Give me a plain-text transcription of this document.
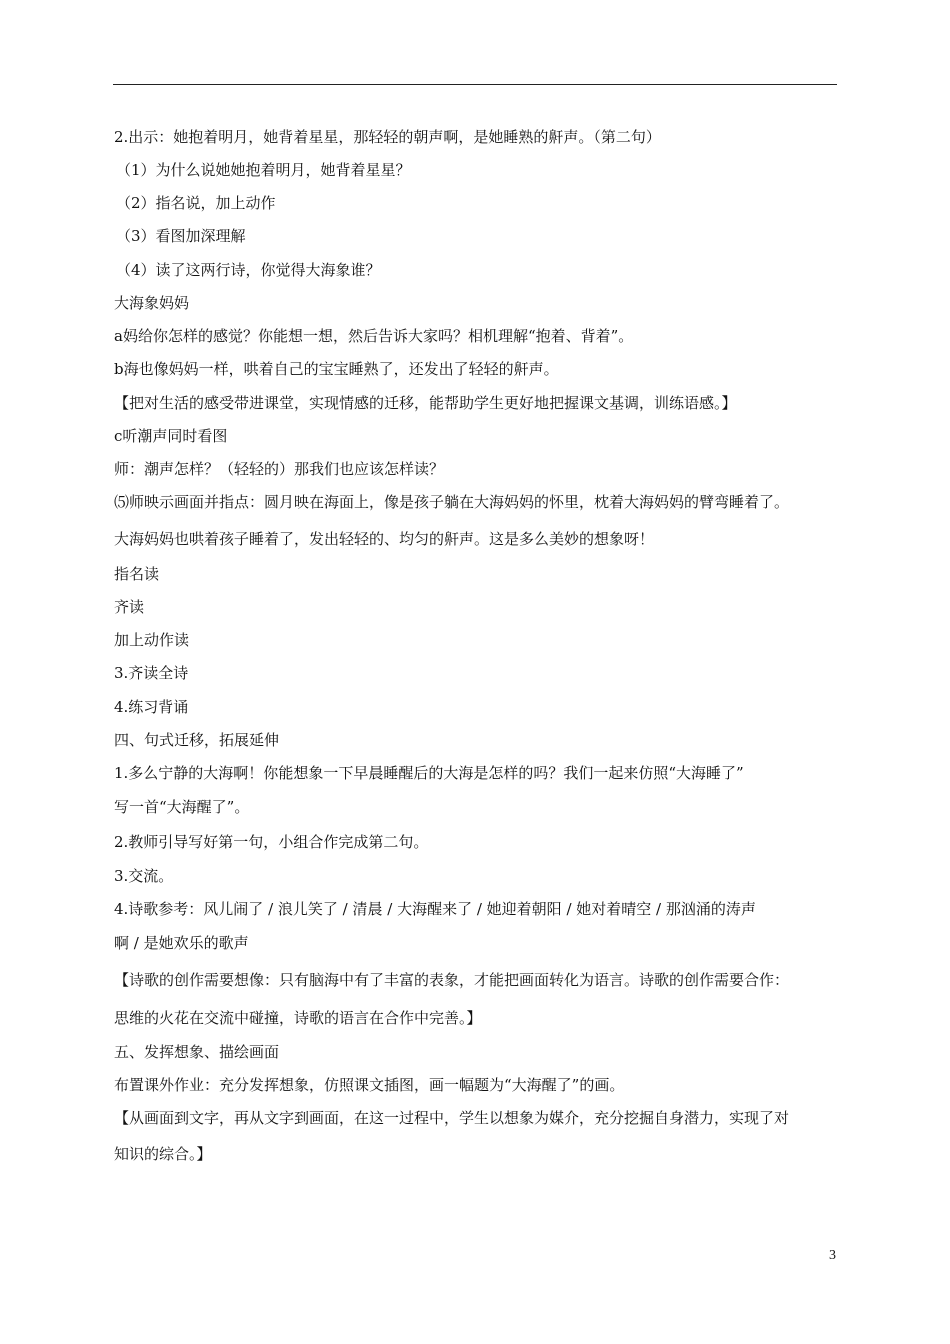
2.出示：她抱着明月，她背着星星，那轻轻的朝声啊，是她睡熟的鼾声。（第二句）
（1）为什么说她她抱着明月，她背着星星？
（2）指名说，加上动作
（3）看图加深理解
（4）读了这两行诗，你觉得大海象谁？
大海象妈妈
a妈给你怎样的感觉？你能想一想，然后告诉大家吗？相机理解“抱着、背着”。
b海也像妈妈一样，哄着自己的宝宝睡熟了，还发出了轻轻的鼾声。
【把对生活的感受带进课堂，实现情感的迁移，能帮助学生更好地把握课文基调，训练语感。】
c听潮声同时看图
师：潮声怎样？（轻轻的）那我们也应该怎样读？
⑸师映示画面并指点：圆月映在海面上，像是孩子躺在大海妈妈的怀里，枕着大海妈妈的臂弯睡着了。
大海妈妈也哄着孩子睡着了，发出轻轻的、均匀的鼾声。这是多么美妙的想象呀！
指名读
齐读
加上动作读
3.齐读全诗
4.练习背诵
四、句式迁移，拓展延伸
1.多么宁静的大海啊！你能想象一下早晨睡醒后的大海是怎样的吗？我们一起来仿照“大海睡了”
写一首“大海醒了”。
2.教师引导写好第一句，小组合作完成第二句。
3.交流。
4.诗歌参考：风儿闹了 / 浪儿笑了 / 清晨 / 大海醒来了 / 她迎着朝阳 / 她对着晴空 / 那汹涌的涛声
啊 / 是她欢乐的歌声
【诗歌的创作需要想像：只有脑海中有了丰富的表象，才能把画面转化为语言。诗歌的创作需要合作：
思维的火花在交流中碰撞，诗歌的语言在合作中完善。】
五、发挥想象、描绘画面
布置课外作业：充分发挥想象，仿照课文插图，画一幅题为“大海醒了”的画。
【从画面到文字，再从文字到画面，在这一过程中，学生以想象为媒介，充分挖掘自身潜力，实现了对
知识的综合。】
3
